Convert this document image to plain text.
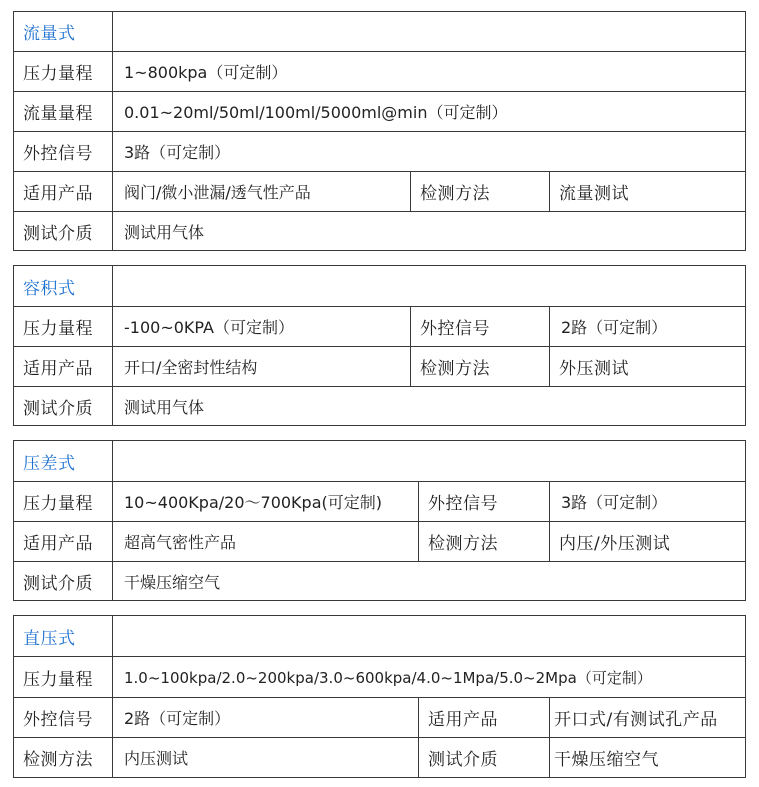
流量式
压力量程	1~800kpa（可定制）
流量量程	0.01~20ml/50ml/100ml/5000ml@min（可定制）
外控信号	3路（可定制）
适用产品	阀门/微小泄漏/透气性产品	检测方法	流量测试
测试介质	测试用气体
容积式
压力量程	-100~0KPA（可定制）	外控信号	2路（可定制）
适用产品	开口/全密封性结构	检测方法	外压测试
测试介质	测试用气体
压差式
压力量程	10~400Kpa/20～700Kpa(可定制)	外控信号	3路（可定制）
适用产品	超高气密性产品	检测方法	内压/外压测试
测试介质	干燥压缩空气
直压式
压力量程	1.0~100kpa/2.0~200kpa/3.0~600kpa/4.0~1Mpa/5.0~2Mpa（可定制）
外控信号	2路（可定制）	适用产品	开口式/有测试孔产品
检测方法	内压测试	测试介质	干燥压缩空气
